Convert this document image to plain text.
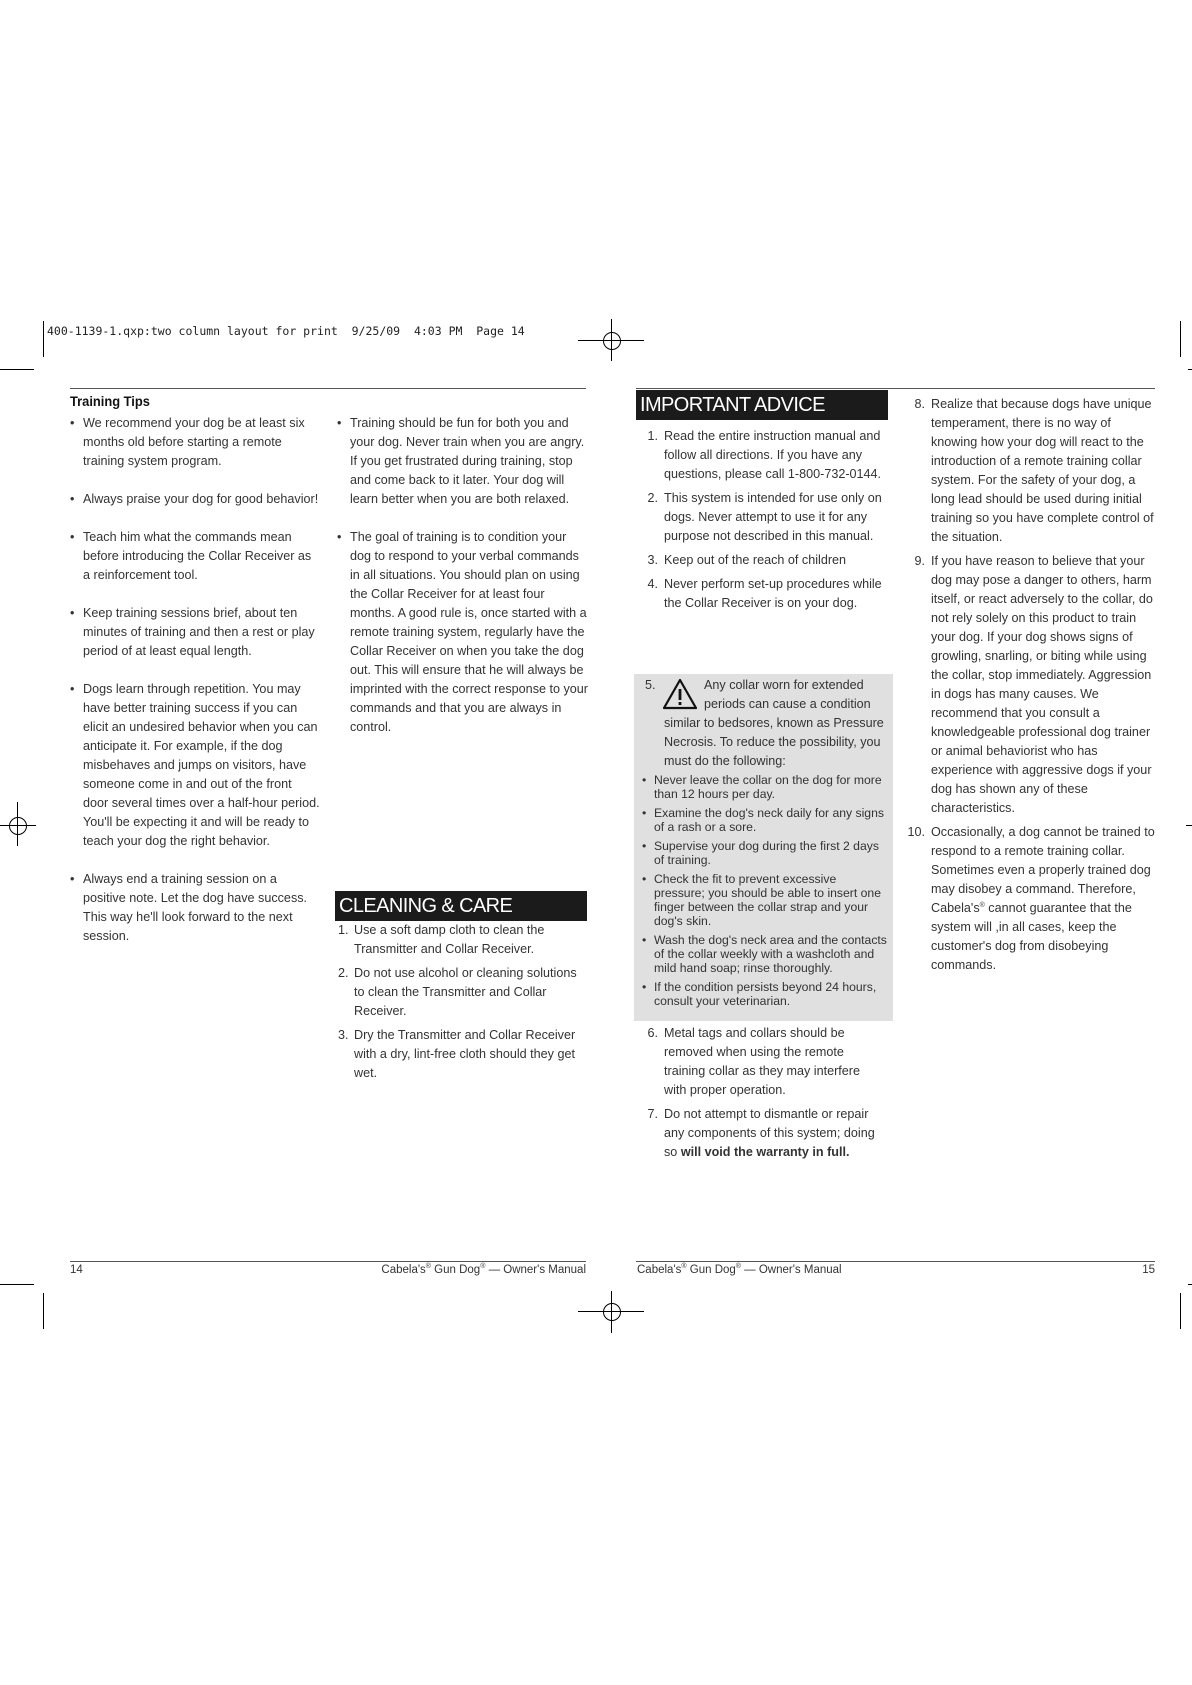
400-1139-1.qxp:two column layout for print  9/25/09  4:03 PM  Page 14
Training Tips
• We recommend your dog be at least six months old before starting a remote training system program.
• Always praise your dog for good behavior!
• Teach him what the commands mean before introducing the Collar Receiver as a reinforcement tool.
• Keep training sessions brief, about ten minutes of training and then a rest or play period of at least equal length.
• Dogs learn through repetition. You may have better training success if you can elicit an undesired behavior when you can anticipate it. For example, if the dog misbehaves and jumps on visitors, have someone come in and out of the front door several times over a half-hour period. You'll be expecting it and will be ready to teach your dog the right behavior.
• Always end a training session on a positive note. Let the dog have success. This way he'll look forward to the next session.
• Training should be fun for both you and your dog. Never train when you are angry. If you get frustrated during training, stop and come back to it later. Your dog will learn better when you are both relaxed.
• The goal of training is to condition your dog to respond to your verbal commands in all situations. You should plan on using the Collar Receiver for at least four months. A good rule is, once started with a remote training system, regularly have the Collar Receiver on when you take the dog out. This will ensure that he will always be imprinted with the correct response to your commands and that you are always in control.
CLEANING & CARE
1. Use a soft damp cloth to clean the Transmitter and Collar Receiver.
2. Do not use alcohol or cleaning solutions to clean the Transmitter and Collar Receiver.
3. Dry the Transmitter and Collar Receiver with a dry, lint-free cloth should they get wet.
IMPORTANT ADVICE
1. Read the entire instruction manual and follow all directions. If you have any questions, please call 1-800-732-0144.
2. This system is intended for use only on dogs. Never attempt to use it for any purpose not described in this manual.
3. Keep out of the reach of children
4. Never perform set-up procedures while the Collar Receiver is on your dog.
5.	Any collar worn for extended periods can cause a condition similar to bedsores, known as Pressure Necrosis. To reduce the possibility, you must do the following:
• Never leave the collar on the dog for more than 12 hours per day.
• Examine the dog's neck daily for any signs of a rash or a sore.
• Supervise your dog during the first 2 days of training.
• Check the fit to prevent excessive pressure; you should be able to insert one finger between the collar strap and your dog's skin.
• Wash the dog's neck area and the contacts of the collar weekly with a washcloth and mild hand soap; rinse thoroughly.
• If the condition persists beyond 24 hours, consult your veterinarian.
6. Metal tags and collars should be removed when using the remote training collar as they may interfere with proper operation.
7. Do not attempt to dismantle or repair any components of this system; doing so will void the warranty in full.
8. Realize that because dogs have unique temperament, there is no way of knowing how your dog will react to the introduction of a remote training collar system. For the safety of your dog, a long lead should be used during initial training so you have complete control of the situation.
9. If you have reason to believe that your dog may pose a danger to others, harm itself, or react adversely to the collar, do not rely solely on this product to train your dog. If your dog shows signs of growling, snarling, or biting while using the collar, stop immediately. Aggression in dogs has many causes. We recommend that you consult a knowledgeable professional dog trainer or animal behaviorist who has experience with aggressive dogs if your dog has shown any of these characteristics.
10. Occasionally, a dog cannot be trained to respond to a remote training collar. Sometimes even a properly trained dog may disobey a command. Therefore, Cabela's® cannot guarantee that the system will ,in all cases, keep the customer's dog from disobeying commands.
14	Cabela's® Gun Dog® — Owner's Manual	Cabela's® Gun Dog® — Owner's Manual	15
